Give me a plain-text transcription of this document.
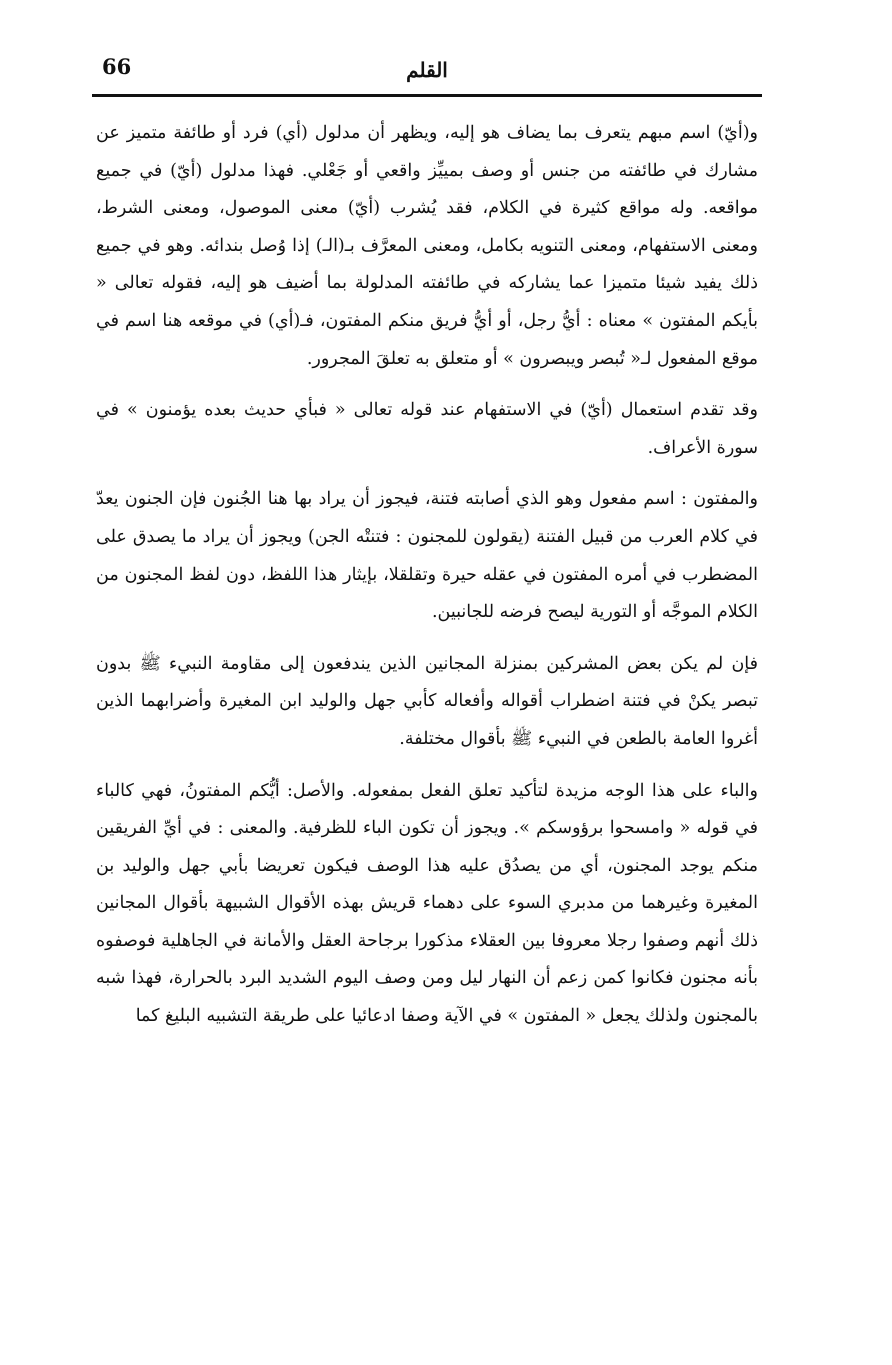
66	القلم

و(أيّ) اسم مبهم يتعرف بما يضاف هو إليه، ويظهر أن مدلول (أي) فرد أو طائفة متميز عن مشارك في طائفته من جنس أو وصف بمييِّز واقعي أو جَعْلي. فهذا مدلول (أيّ) في جميع مواقعه. وله مواقع كثيرة في الكلام، فقد يُشرب (أيّ) معنى الموصول، ومعنى الشرط، ومعنى الاستفهام، ومعنى التنويه بكامل، ومعنى المعرَّف بـ(الـ) إذا وُصل بندائه. وهو في جميع ذلك يفيد شيئا متميزا عما يشاركه في طائفته المدلولة بما أضيف هو إليه، فقوله تعالى « بأيكم المفتون » معناه : أيُّ رجل، أو أيُّ فريق منكم المفتون، فـ(أي) في موقعه هنا اسم في موقع المفعول لـ« تُبصر ويبصرون » أو متعلق به تعلقَ المجرور.

وقد تقدم استعمال (أيّ) في الاستفهام عند قوله تعالى « فبأي حديث بعده يؤمنون » في سورة الأعراف.

والمفتون : اسم مفعول وهو الذي أصابته فتنة، فيجوز أن يراد بها هنا الجُنون فإن الجنون يعدّ في كلام العرب من قبيل الفتنة (يقولون للمجنون : فتنتْه الجن) ويجوز أن يراد ما يصدق على المضطرب في أمره المفتون في عقله حيرة وتقلقلا، بإيثار هذا اللفظ، دون لفظ المجنون من الكلام الموجَّه أو التورية ليصح فرضه للجانبين.

فإن لم يكن بعض المشركين بمنزلة المجانين الذين يندفعون إلى مقاومة النبيء ﷺ بدون تبصر يكنْ في فتنة اضطراب أقواله وأفعاله كأبي جهل والوليد ابن المغيرة وأضرابهما الذين أغروا العامة بالطعن في النبيء ﷺ بأقوال مختلفة.

والباء على هذا الوجه مزيدة لتأكيد تعلق الفعل بمفعوله. والأصل: أيُّكم المفتونُ، فهي كالباء في قوله « وامسحوا برؤوسكم ». ويجوز أن تكون الباء للظرفية. والمعنى : في أيِّ الفريقين منكم يوجد المجنون، أي من يصدُق عليه هذا الوصف فيكون تعريضا بأبي جهل والوليد بن المغيرة وغيرهما من مدبري السوء على دهماء قريش بهذه الأقوال الشبيهة بأقوال المجانين ذلك أنهم وصفوا رجلا معروفا بين العقلاء مذكورا برجاحة العقل والأمانة في الجاهلية فوصفوه بأنه مجنون فكانوا كمن زعم أن النهار ليل ومن وصف اليوم الشديد البرد بالحرارة، فهذا شبه بالمجنون ولذلك يجعل « المفتون » في الآية وصفا ادعائيا على طريقة التشبيه البليغ كما
